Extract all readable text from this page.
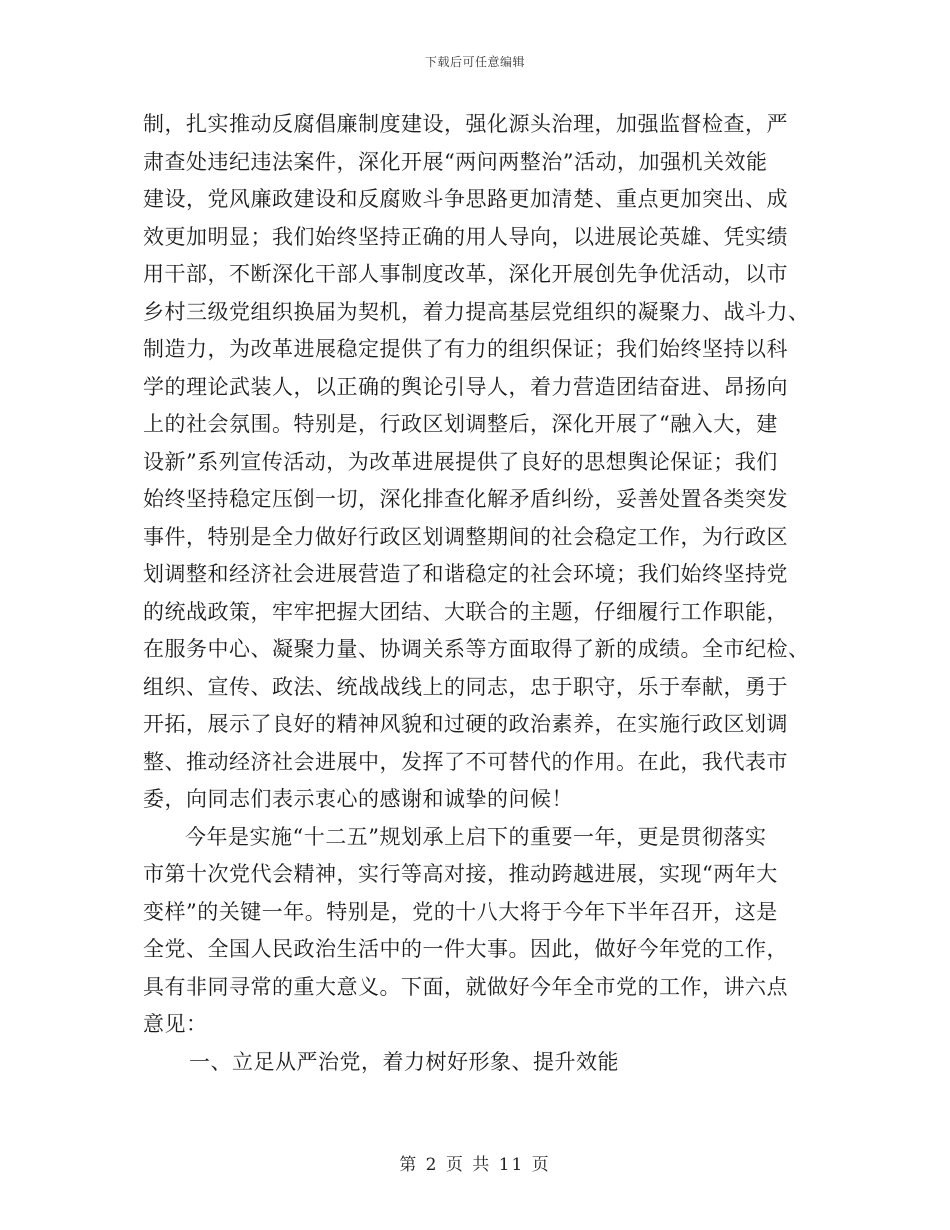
下载后可任意编辑
制，扎实推动反腐倡廉制度建设，强化源头治理，加强监督检查，严
肃查处违纪违法案件，深化开展“两问两整治”活动，加强机关效能
建设，党风廉政建设和反腐败斗争思路更加清楚、重点更加突出、成
效更加明显；我们始终坚持正确的用人导向，以进展论英雄、凭实绩
用干部，不断深化干部人事制度改革，深化开展创先争优活动，以市
乡村三级党组织换届为契机，着力提高基层党组织的凝聚力、战斗力、
制造力，为改革进展稳定提供了有力的组织保证；我们始终坚持以科
学的理论武装人，以正确的舆论引导人，着力营造团结奋进、昂扬向
上的社会氛围。特别是，行政区划调整后，深化开展了“融入大，建
设新”系列宣传活动，为改革进展提供了良好的思想舆论保证；我们
始终坚持稳定压倒一切，深化排查化解矛盾纠纷，妥善处置各类突发
事件，特别是全力做好行政区划调整期间的社会稳定工作，为行政区
划调整和经济社会进展营造了和谐稳定的社会环境；我们始终坚持党
的统战政策，牢牢把握大团结、大联合的主题，仔细履行工作职能，
在服务中心、凝聚力量、协调关系等方面取得了新的成绩。全市纪检、
组织、宣传、政法、统战战线上的同志，忠于职守，乐于奉献，勇于
开拓，展示了良好的精神风貌和过硬的政治素养，在实施行政区划调
整、推动经济社会进展中，发挥了不可替代的作用。在此，我代表市
委，向同志们表示衷心的感谢和诚挚的问候！
今年是实施“十二五”规划承上启下的重要一年，更是贯彻落实
市第十次党代会精神，实行等高对接，推动跨越进展，实现“两年大
变样”的关键一年。特别是，党的十八大将于今年下半年召开，这是
全党、全国人民政治生活中的一件大事。因此，做好今年党的工作，
具有非同寻常的重大意义。下面，就做好今年全市党的工作，讲六点
意见：
一、立足从严治党，着力树好形象、提升效能
第 2 页 共 11 页
